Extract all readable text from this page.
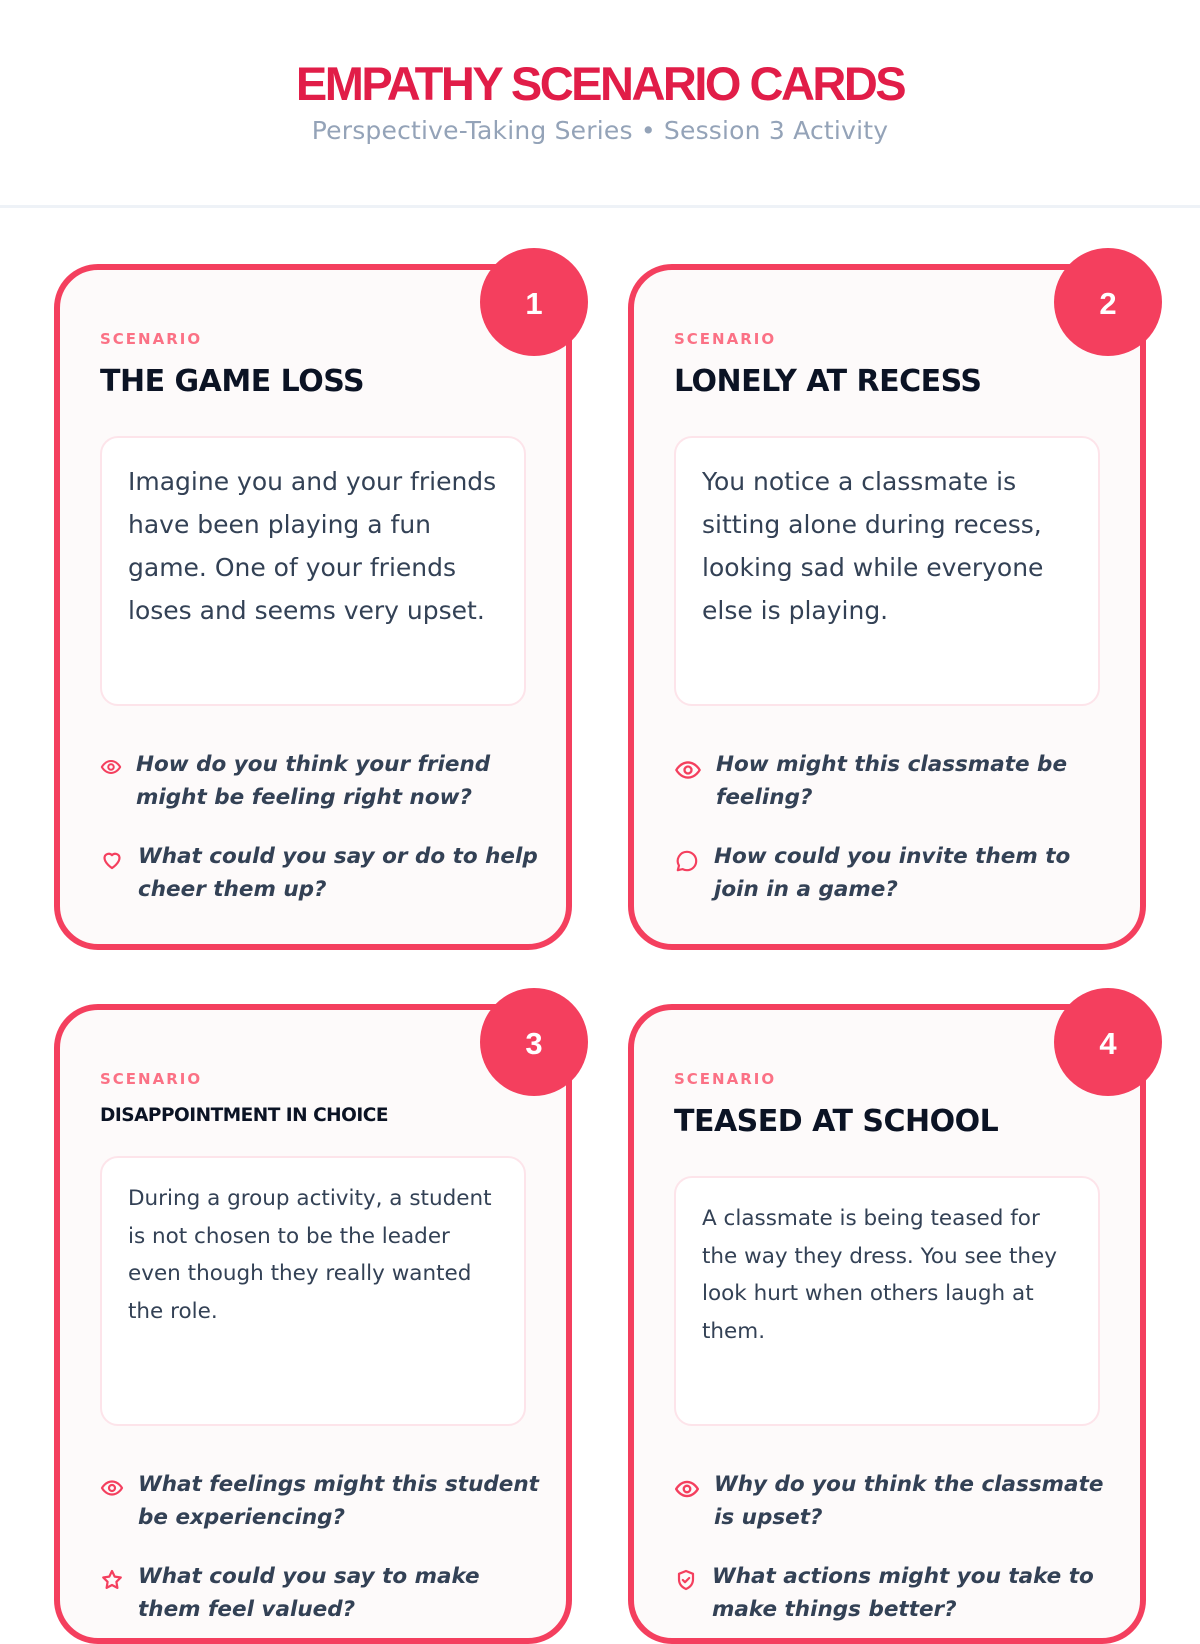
EMPATHY SCENARIO CARDS
Perspective-Taking Series • Session 3 Activity
1
SCENARIO
THE GAME LOSS
Imagine you and your friends have been playing a fun game. One of your friends loses and seems very upset.
How do you think your friend might be feeling right now?
What could you say or do to help cheer them up?
2
SCENARIO
LONELY AT RECESS
You notice a classmate is sitting alone during recess, looking sad while everyone else is playing.
How might this classmate be feeling?
How could you invite them to join in a game?
3
SCENARIO
DISAPPOINTMENT IN CHOICE
During a group activity, a student is not chosen to be the leader even though they really wanted the role.
What feelings might this student be experiencing?
What could you say to make them feel valued?
4
SCENARIO
TEASED AT SCHOOL
A classmate is being teased for the way they dress. You see they look hurt when others laugh at them.
Why do you think the classmate is upset?
What actions might you take to make things better?
